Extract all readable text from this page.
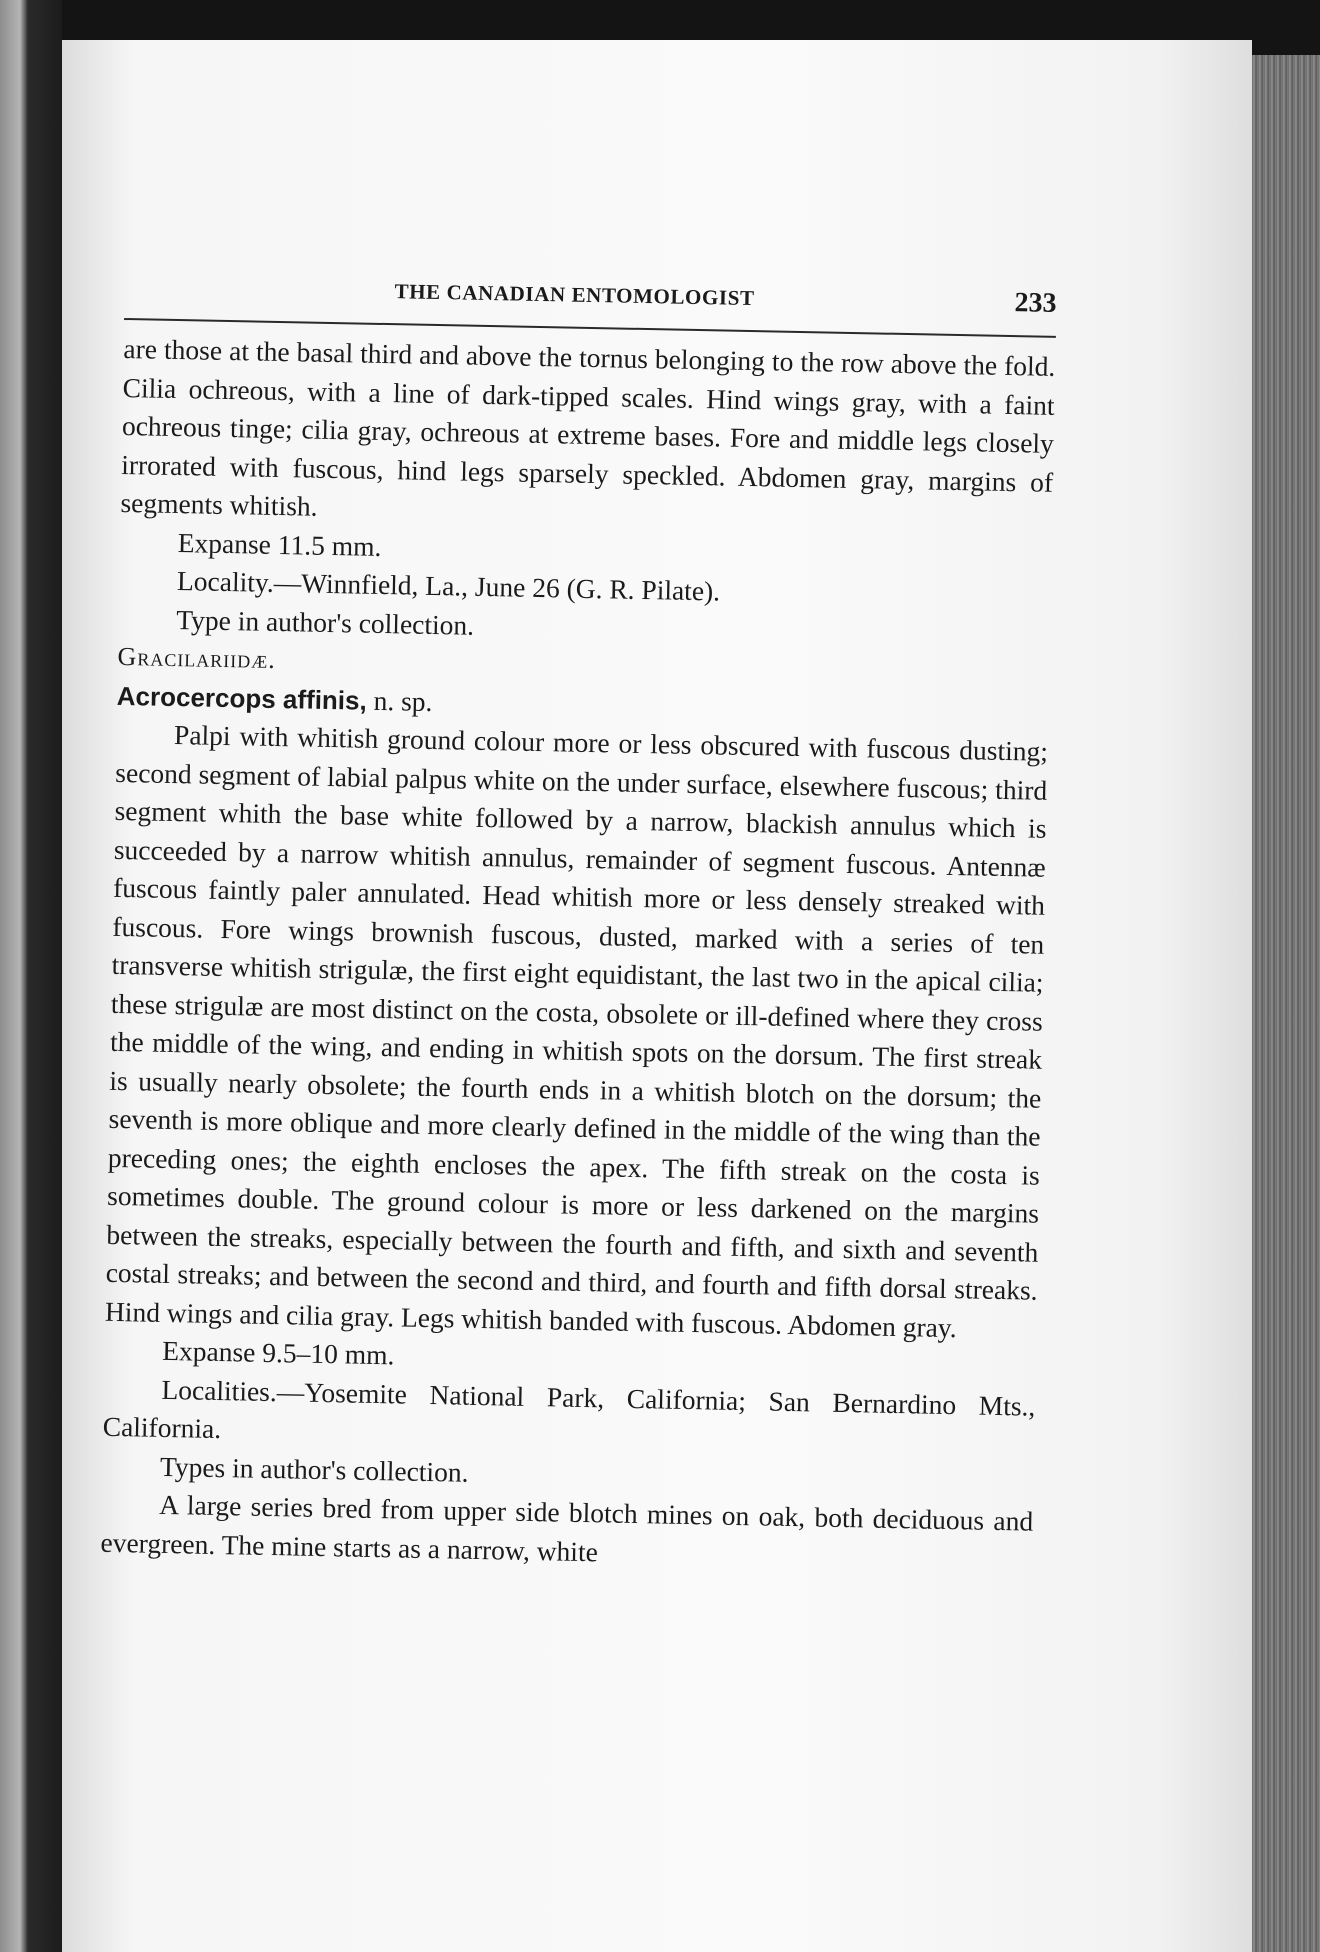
THE CANADIAN ENTOMOLOGIST	233

are those at the basal third and above the tornus belonging to the row above the fold. Cilia ochreous, with a line of dark-tipped scales. Hind wings gray, with a faint ochreous tinge; cilia gray, ochreous at extreme bases. Fore and middle legs closely irrorated with fuscous, hind legs sparsely speckled. Abdomen gray, margins of segments whitish.

Expanse 11.5 mm.

Locality.—Winnfield, La., June 26 (G. R. Pilate).

Type in author's collection.

Gracilariidæ.

Acrocercops affinis, n. sp.

Palpi with whitish ground colour more or less obscured with fuscous dusting; second segment of labial palpus white on the under surface, elsewhere fuscous; third segment whith the base white followed by a narrow, blackish annulus which is succeeded by a narrow whitish annulus, remainder of segment fuscous. Antennæ fuscous faintly paler annulated. Head whitish more or less densely streaked with fuscous. Fore wings brownish fuscous, dusted, marked with a series of ten transverse whitish strigulæ, the first eight equidistant, the last two in the apical cilia; these strigulæ are most distinct on the costa, obsolete or ill-defined where they cross the middle of the wing, and ending in whitish spots on the dorsum. The first streak is usually nearly obsolete; the fourth ends in a whitish blotch on the dorsum; the seventh is more oblique and more clearly defined in the middle of the wing than the preceding ones; the eighth encloses the apex. The fifth streak on the costa is sometimes double. The ground colour is more or less darkened on the margins between the streaks, especially between the fourth and fifth, and sixth and seventh costal streaks; and between the second and third, and fourth and fifth dorsal streaks. Hind wings and cilia gray. Legs whitish banded with fuscous. Abdomen gray.

Expanse 9.5–10 mm.

Localities.—Yosemite National Park, California; San Bernardino Mts., California.

Types in author's collection.

A large series bred from upper side blotch mines on oak, both deciduous and evergreen. The mine starts as a narrow, white
